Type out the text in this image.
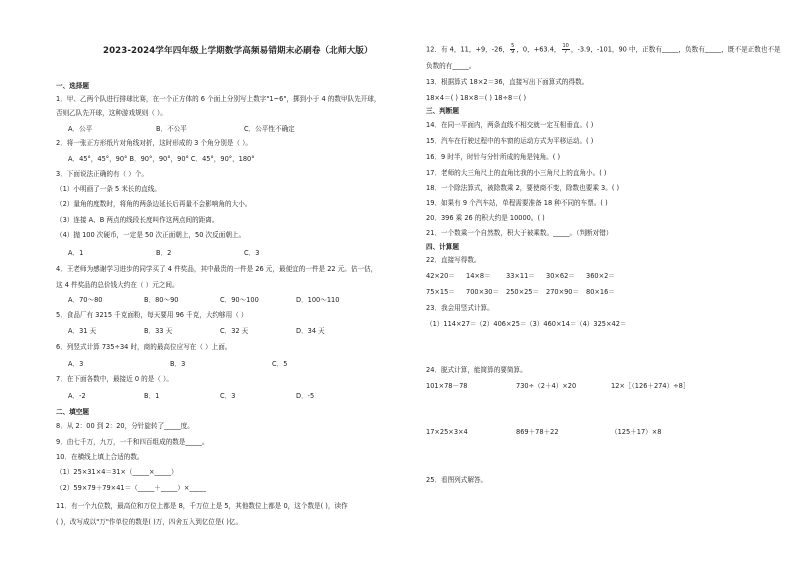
2023-2024学年四年级上学期数学高频易错期末必刷卷（北师大版）
一、选择题
1．甲、乙两个队进行排球比赛，在一个正方体的 6 个面上分别写上数字"1~6"，掷到小于 4 的数甲队先开球，
否则乙队先开球，这种游戏规则（ ）。
A．公平	B．不公平	C．公平性不确定
2．将一张正方形纸片对角线对折，这时形成的 3 个角分别是（ ）。
A．45°，45°，90° B．90°，90°，90° C．45°，90°，180°
3．下面说法正确的有（ ）个。
（1）小明画了一条 5 米长的直线。
（2）量角的度数时，将角的两条边延长后再量不会影响角的大小。
（3）连接 A、B 两点的线段长度叫作这两点间的距离。
（4）抛 100 次硬币，一定是 50 次正面朝上，50 次反面朝上。
A．1	B．2	C．3
4．王老师为感谢学习进步的同学买了 4 件奖品，其中最贵的一件是 26 元，最便宜的一件是 22 元。估一估，
这 4 件奖品的总价钱大约在（ ）元之间。
A．70～80	B．80～90	C．90～100	D．100～110
5．食品厂有 3215 千克面粉，每天要用 96 千克，大约够用（ ）
A．31 天	B．33 天	C．32 天	D．34 天
6．列竖式计算 735÷34 时，商的最高位应写在（ ）上面。
A．3	B．3	C．5
7．在下面各数中，最接近 0 的是（ ）。
A．-2	B．1	C．3	D．-5
二、填空题
8．从 2：00 到 2：20，分针旋转了_____度。
9．由七千万，九万，一千和四百组成的数是_____。
10．在横线上填上合适的数。
（1）25×31×4＝31×（_____×_____）
（2）59×79＋79×41＝（_____＋_____）×_____
11．有一个九位数，最高位和万位上都是 8，千万位上是 5，其他数位上都是 0，这个数是( )，读作
( )，改写成以"万"作单位的数是( )万，四舍五入到亿位是( )亿。
12．有 4，11，+9，-26， $\frac{5}{9}$ ，0，+63.4， $\frac{10}{7}$ ，-3.9，-101，90 中，正数有_____，负数有_____，既不是正数也不是
负数的有_____。
13．根据算式 18×2＝36，直接写出下面算式的得数。
18×4＝( ) 18×8＝( ) 18÷8＝( )
三、判断题
14．在同一平面内，两条直线不相交就一定互相垂直。( )
15．汽车在行驶过程中的车窗的运动方式为平移运动。( )
16．9 时半，时针与分针所成的角是钝角。( )
17．老师的大三角尺上的直角比我的小三角尺上的直角小。( )
18．一个除法算式，被除数乘 2，要使商不变，除数也要乘 3。( )
19．如果有 9 个汽车站，单程需要准备 18 种不同的车票。( )
20．396 乘 26 的积大约是 10000。( )
21．一个数乘一个自然数，积大于被乘数。_____。（判断对错）
四、计算题
22．直接写得数。
42×20＝ 14×8＝ 33×11＝ 30×62＝ 360×2＝
75×15＝ 700×30＝ 250×25＝ 270×90＝ 80×16＝
23．我会用竖式计算。
（1）114×27＝（2）406×25＝（3）460×14＝（4）325×42＝
24．脱式计算，能简算的要简算。
101×78－78	730÷（2＋4）×20	12×［（126＋274）÷8］
17×25×3×4	869＋78＋22	（125＋17）×8
25．看图列式解答。
